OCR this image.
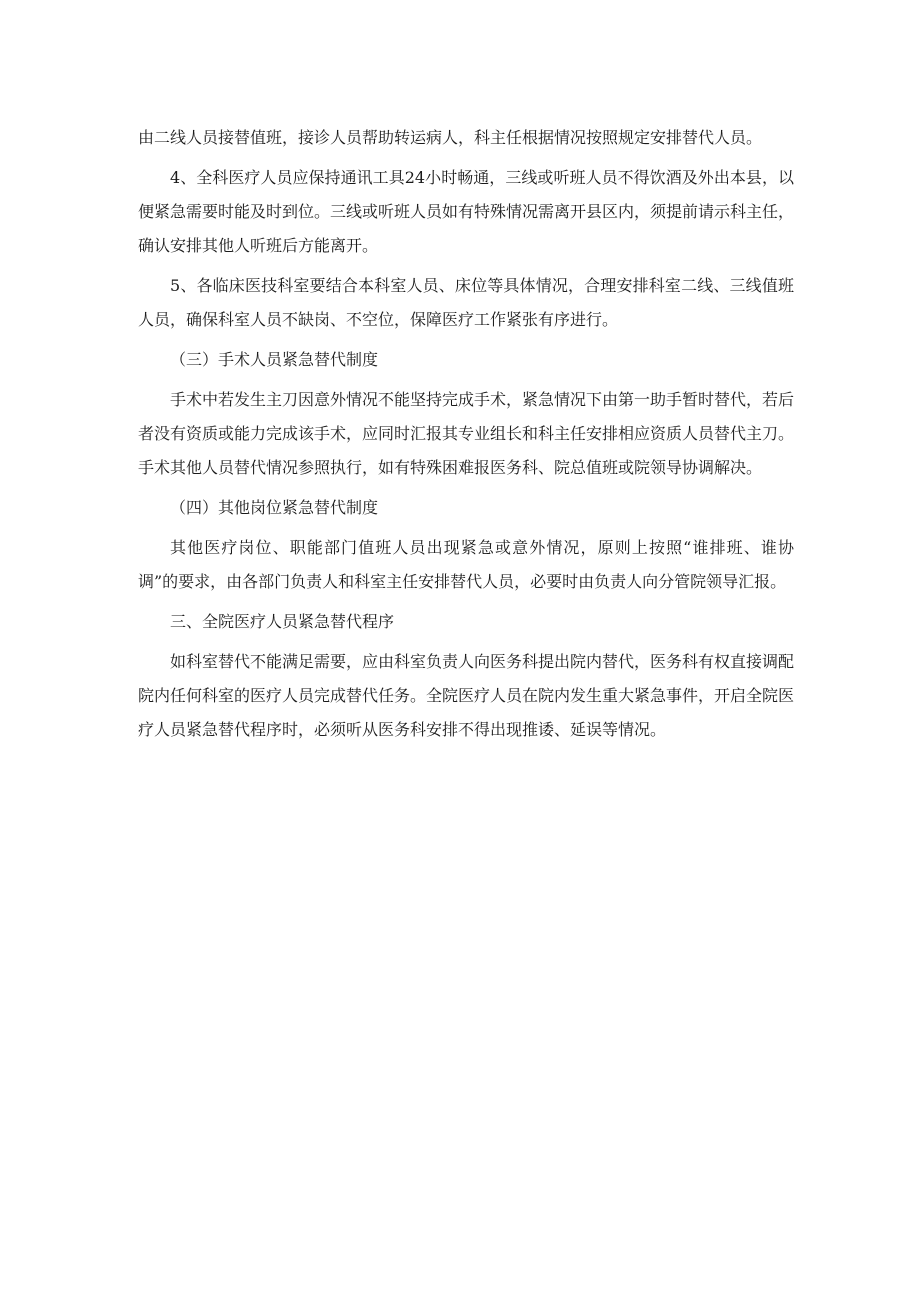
由二线人员接替值班，接诊人员帮助转运病人，科主任根据情况按照规定安排替代人员。

4、全科医疗人员应保持通讯工具24小时畅通，三线或听班人员不得饮酒及外出本县，以便紧急需要时能及时到位。三线或听班人员如有特殊情况需离开县区内，须提前请示科主任，确认安排其他人听班后方能离开。

5、各临床医技科室要结合本科室人员、床位等具体情况，合理安排科室二线、三线值班人员，确保科室人员不缺岗、不空位，保障医疗工作紧张有序进行。

（三）手术人员紧急替代制度

手术中若发生主刀因意外情况不能坚持完成手术，紧急情况下由第一助手暂时替代，若后者没有资质或能力完成该手术，应同时汇报其专业组长和科主任安排相应资质人员替代主刀。手术其他人员替代情况参照执行，如有特殊困难报医务科、院总值班或院领导协调解决。

（四）其他岗位紧急替代制度

其他医疗岗位、职能部门值班人员出现紧急或意外情况，原则上按照“谁排班、谁协调”的要求，由各部门负责人和科室主任安排替代人员，必要时由负责人向分管院领导汇报。

三、全院医疗人员紧急替代程序

如科室替代不能满足需要，应由科室负责人向医务科提出院内替代，医务科有权直接调配院内任何科室的医疗人员完成替代任务。全院医疗人员在院内发生重大紧急事件，开启全院医疗人员紧急替代程序时，必须听从医务科安排不得出现推诿、延误等情况。
